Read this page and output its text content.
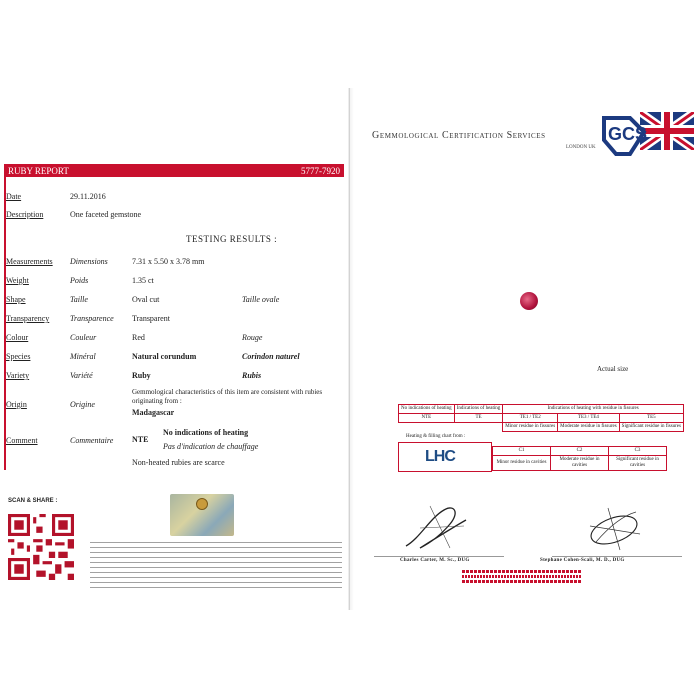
RUBY REPORT	5777-7920
Date	29.11.2016
Description	One faceted gemstone
TESTING RESULTS :
Measurements Dimensions	7.31 x 5.50 x 3.78 mm
Weight	Poids	1.35 ct
Shape	Taille	Oval cut	Taille ovale
Transparency	Transparence Transparent
Colour	Couleur	Red	Rouge
Species	Minéral	Natural corundum	Corindon naturel
Variety	Variété	Ruby	Rubis
Origin	Origine
Gemmological characteristics of this item are consistent with rubies originating from :
Madagascar
Comment	Commentaire NTE
No indications of heating
Pas d'indication de chauffage
Non-heated rubies are scarce
SCAN & SHARE :
Gemmological Certification Services
LONDON UK
GCS
Actual size
No indications of heating	Indications of heating	Indications of heating with residue in fissures		
NTE	TE	TE1 / TE2	TE3 / TE4	TE5
		Minor residue in fissures	Moderate residue in fissures	Significant residue in fissures
Heating & filling chart from :
LHC	C1	C2	C3
Minor residue in cavities	Moderate residue in cavities	Significant residue in cavities
Charles Carter, M. Sc., DUG	Stephane Cohen-Scali, M. D., DUG
